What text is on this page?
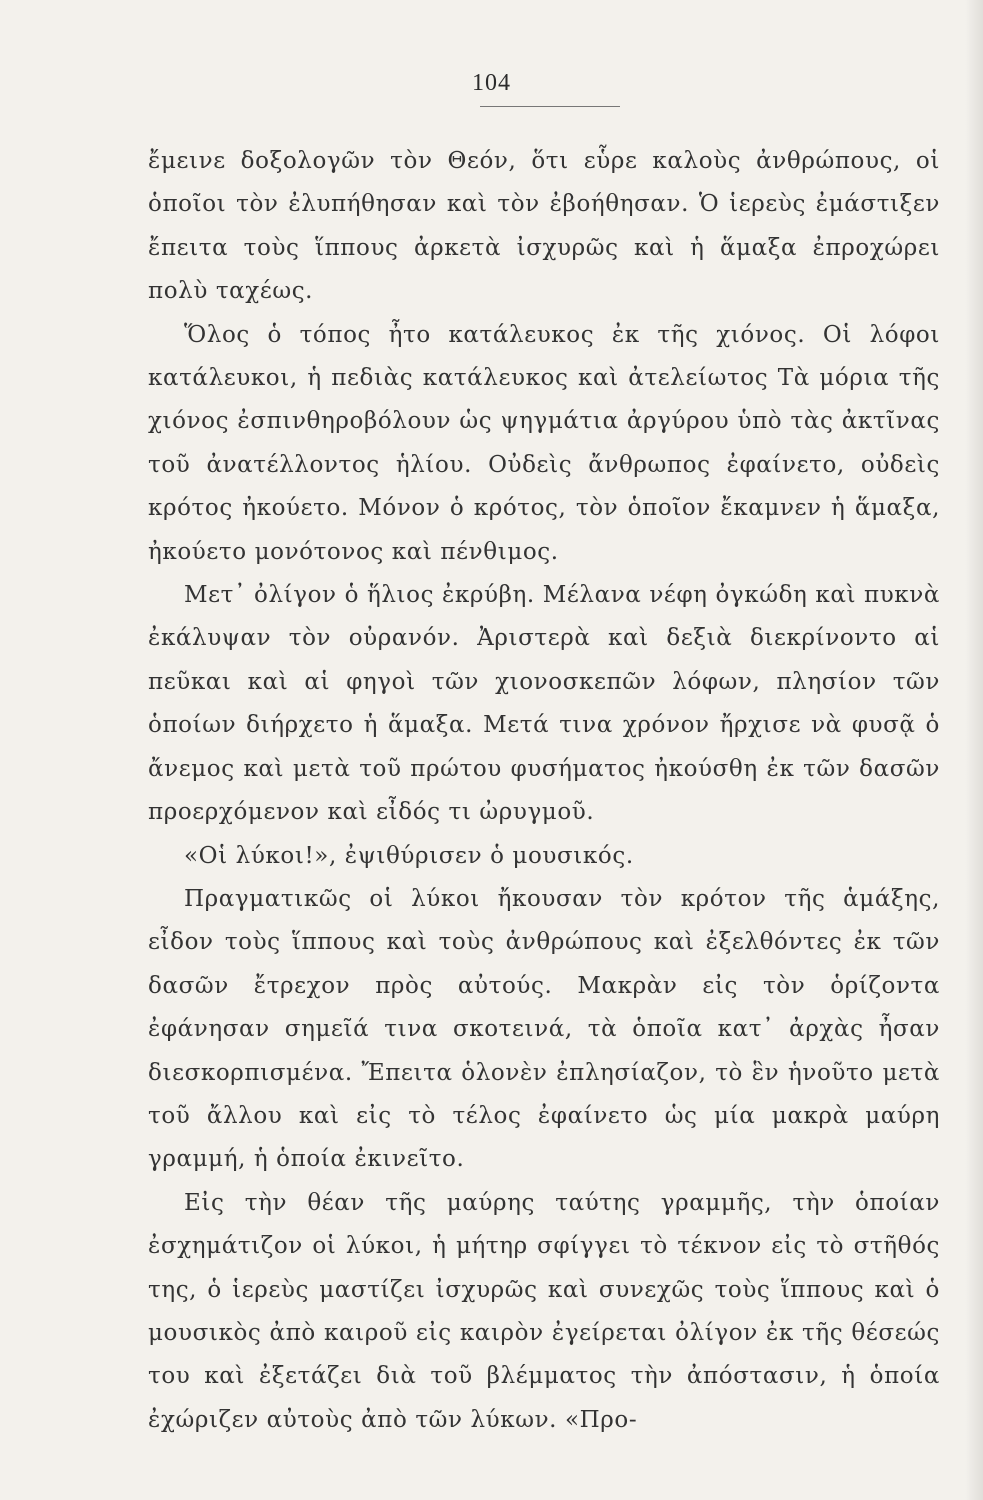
104

ἔμεινε δοξολογῶν τὸν Θεόν, ὅτι εὗρε καλοὺς ἀνθρώπους, οἱ ὁποῖοι τὸν ἐλυπήθησαν καὶ τὸν ἐβοήθησαν. Ὁ ἱερεὺς ἐμάστιξεν ἔπειτα τοὺς ἵππους ἀρκετὰ ἰσχυρῶς καὶ ἡ ἅμαξα ἐπροχώρει πολὺ ταχέως.

Ὅλος ὁ τόπος ἦτο κατάλευκος ἐκ τῆς χιόνος. Οἱ λόφοι κατάλευκοι, ἡ πεδιὰς κατάλευκος καὶ ἀτελείωτος Τὰ μόρια τῆς χιόνος ἐσπινθηροβόλουν ὡς ψηγμάτια ἀργύρου ὑπὸ τὰς ἀκτῖνας τοῦ ἀνατέλλοντος ἡλίου. Οὐδεὶς ἄνθρωπος ἐφαίνετο, οὐδεὶς κρότος ἠκούετο. Μόνον ὁ κρότος, τὸν ὁποῖον ἔκαμνεν ἡ ἅμαξα, ἠκούετο μονότονος καὶ πένθιμος.

Μετ᾽ ὀλίγον ὁ ἥλιος ἐκρύβη. Μέλανα νέφη ὀγκώδη καὶ πυκνὰ ἐκάλυψαν τὸν οὐρανόν. Ἀριστερὰ καὶ δεξιὰ διεκρίνοντο αἱ πεῦκαι καὶ αἱ φηγοὶ τῶν χιονοσκεπῶν λόφων, πλησίον τῶν ὁποίων διήρχετο ἡ ἅμαξα. Μετά τινα χρόνον ἤρχισε νὰ φυσᾷ ὁ ἄνεμος καὶ μετὰ τοῦ πρώτου φυσήματος ἠκούσθη ἐκ τῶν δασῶν προερχόμενον καὶ εἶδός τι ὠρυγμοῦ.

«Οἱ λύκοι!», ἐψιθύρισεν ὁ μουσικός.

Πραγματικῶς οἱ λύκοι ἤκουσαν τὸν κρότον τῆς ἁμάξης, εἶδον τοὺς ἵππους καὶ τοὺς ἀνθρώπους καὶ ἐξελθόντες ἐκ τῶν δασῶν ἔτρεχον πρὸς αὐτούς. Μακρὰν εἰς τὸν ὁρίζοντα ἐφάνησαν σημεῖά τινα σκοτεινά, τὰ ὁποῖα κατ᾽ ἀρχὰς ἦσαν διεσκορπισμένα. Ἔπειτα ὁλονὲν ἐπλησίαζον, τὸ ἓν ἡνοῦτο μετὰ τοῦ ἄλλου καὶ εἰς τὸ τέλος ἐφαίνετο ὡς μία μακρὰ μαύρη γραμμή, ἡ ὁποία ἐκινεῖτο.

Εἰς τὴν θέαν τῆς μαύρης ταύτης γραμμῆς, τὴν ὁποίαν ἐσχημάτιζον οἱ λύκοι, ἡ μήτηρ σφίγγει τὸ τέκνον εἰς τὸ στῆθός της, ὁ ἱερεὺς μαστίζει ἰσχυρῶς καὶ συνεχῶς τοὺς ἵππους καὶ ὁ μουσικὸς ἀπὸ καιροῦ εἰς καιρὸν ἐγείρεται ὀλίγον ἐκ τῆς θέσεώς του καὶ ἐξετάζει διὰ τοῦ βλέμματος τὴν ἀπόστασιν, ἡ ὁποία ἐχώριζεν αὐτοὺς ἀπὸ τῶν λύκων. «Προ-
